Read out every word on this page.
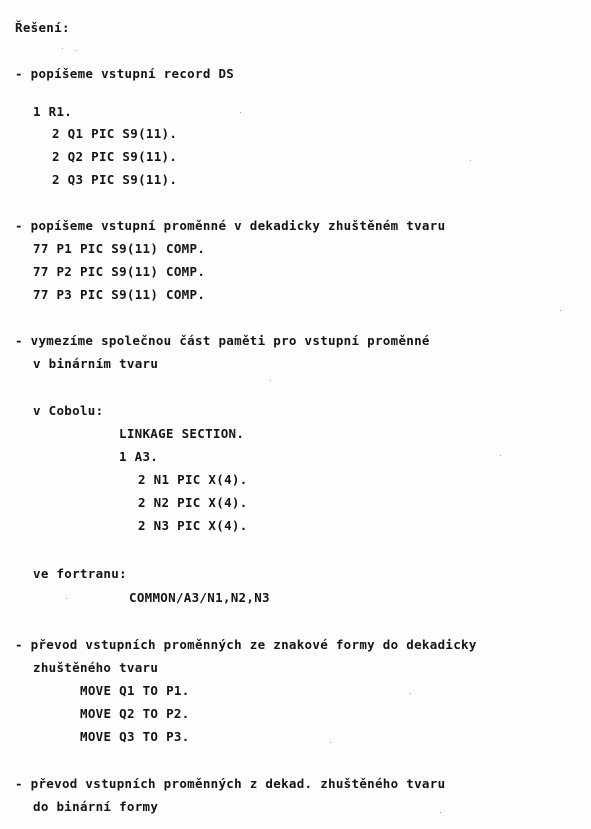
Řešení:
- popíšeme vstupní record DS
1 R1.
2 Q1 PIC S9(11).
2 Q2 PIC S9(11).
2 Q3 PIC S9(11).
- popíšeme vstupní proměnné v dekadicky zhuštěném tvaru
77 P1 PIC S9(11) COMP.
77 P2 PIC S9(11) COMP.
77 P3 PIC S9(11) COMP.
- vymezíme společnou část paměti pro vstupní proměnné
v binárním tvaru
v Cobolu:
LINKAGE SECTION.
1 A3.
2 N1 PIC X(4).
2 N2 PIC X(4).
2 N3 PIC X(4).
ve fortranu:
COMMON/A3/N1,N2,N3
- převod vstupních proměnných ze znakové formy do dekadicky
zhuštěného tvaru
MOVE Q1 TO P1.
MOVE Q2 TO P2.
MOVE Q3 TO P3.
- převod vstupních proměnných z dekad. zhuštěného tvaru
do binární formy
